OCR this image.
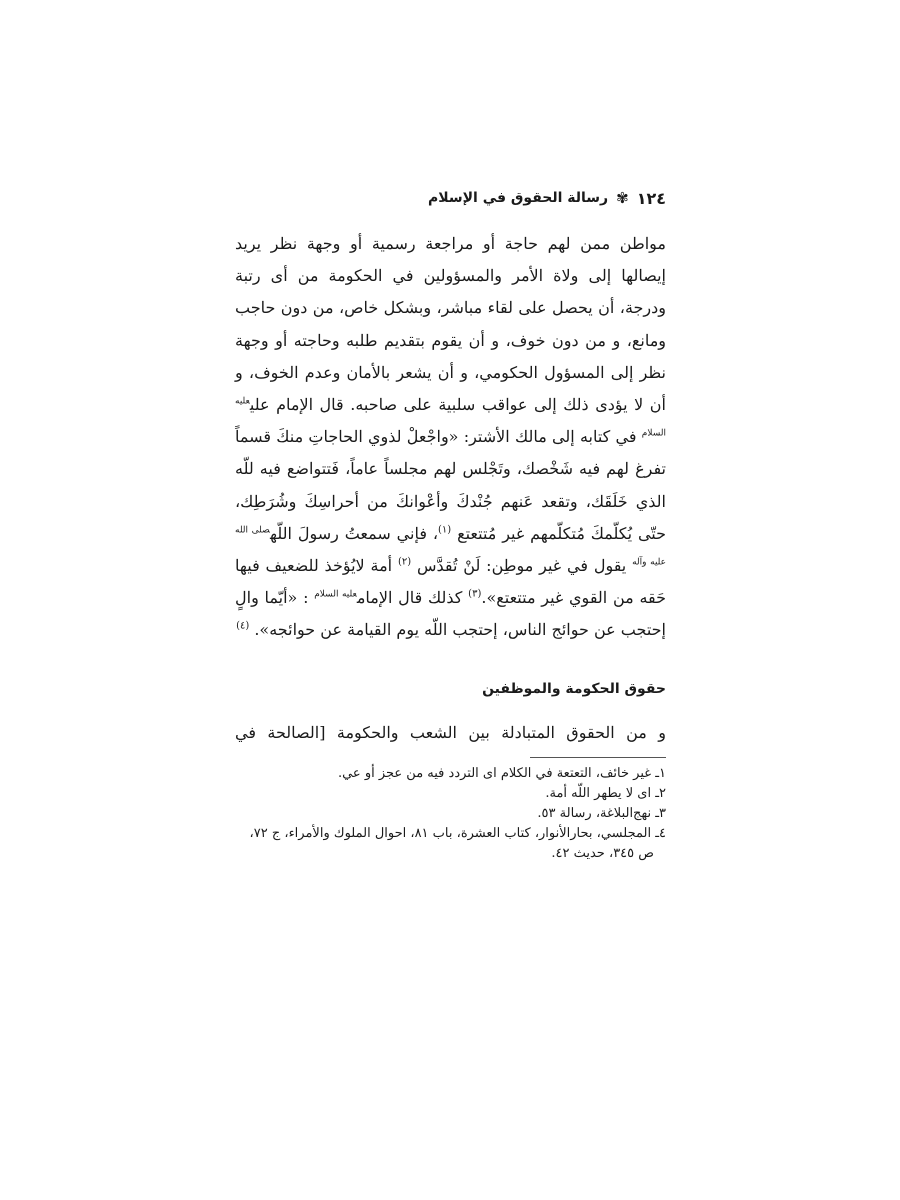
١٢٤
✾
رسالة الحقوق في الإسلام

مواطن ممن لهم حاجة أو مراجعة رسمية أو وجهة نظر يريد إيصالها إلى ولاة الأمر والمسؤولين في الحكومة من أى رتبة ودرجة، أن يحصل على لقاء مباشر، وبشكل خاص، من دون حاجب ومانع، و من دون خوف، و أن يقوم بتقديم طلبه وحاجته أو وجهة نظر إلى المسؤول الحكومي، و أن يشعر بالأمان وعدم الخوف، و أن لا يؤدى ذلك إلى عواقب سلبية على صاحبه. قال الإمام علي$^{عليه السلام}$ في كتابه إلى مالك الأشتر: «واجْعلْ لذوي الحاجاتِ منكَ قسماً تفرغ لهم فيه شَخْصك، وتَجْلس لهم مجلساً عاماً، فَتتواضع فيه للّه الذي خَلَقَك، وتقعد عَنهم جُنْدكَ وأعْوانكَ من أحراسِكَ وشُرَطِك، حتّى يُكلّمكَ مُتكلّمهم غير مُتتعتع $^{(١)}$، فإني سمعتُ رسولَ اللّه$^{صلى الله عليه وآله}$ يقول في غير موطِن: لَنْ تُقدَّس $^{(٢)}$ أمة لايُؤخذ للضعيف فيها حَقه من القوي غير متتعتع».$^{(٣)}$ كذلك قال الإمام$^{عليه السلام}$ : «أيّما والٍ إحتجب عن حوائج الناس، إحتجب اللّه يوم القيامة عن حوائجه». $^{(٤)}$

حقوق الحكومة والموظفين
و من الحقوق المتبادلة بين الشعب والحكومة [الصالحة في

١ـ غير خائف، التعتعة في الكلام اى التردد فيه من عجز أو عي.

٢ـ اى لا يطهر اللّه أمة.

٣ـ نهج‌البلاغة، رسالة ٥٣.

٤ـ المجلسي، بحارالأنوار، كتاب العشرة، باب ٨١، احوال الملوك والأمراء، ج ٧٢،

ص ٣٤٥، حديث ٤٢.
